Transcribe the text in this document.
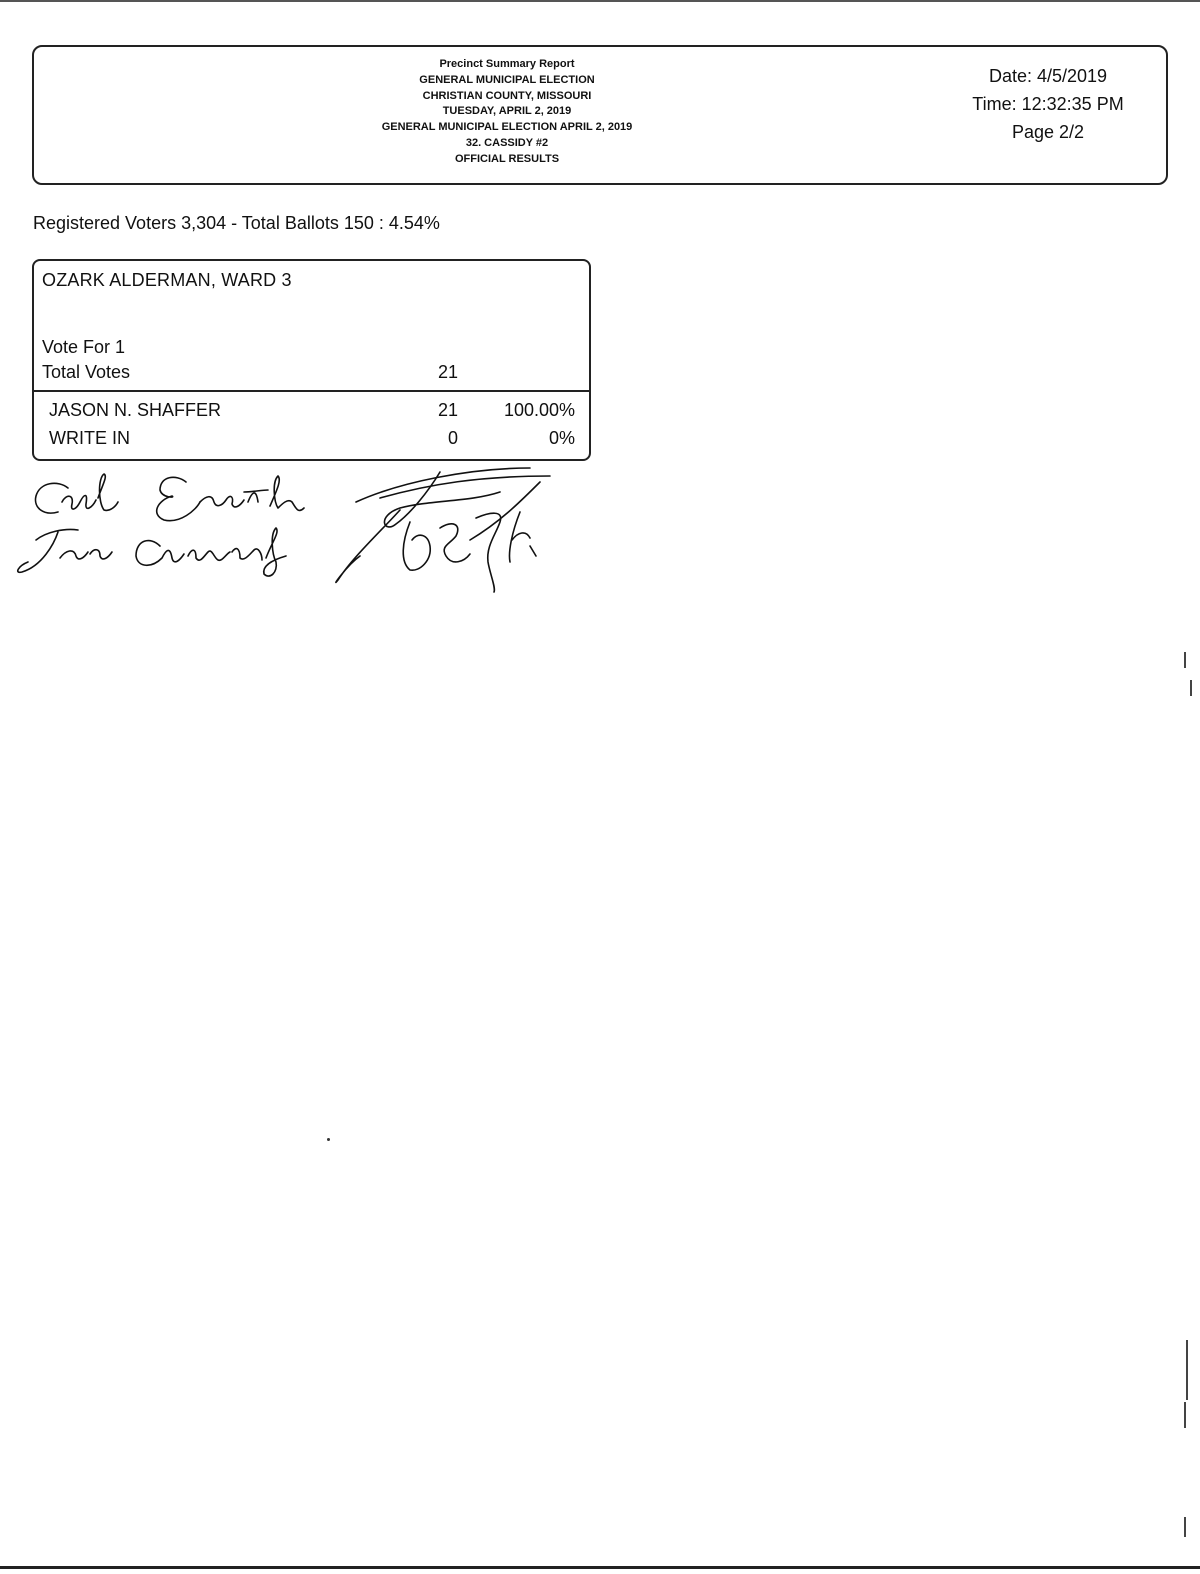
Precinct Summary Report
GENERAL MUNICIPAL ELECTION
CHRISTIAN COUNTY, MISSOURI
TUESDAY, APRIL 2, 2019
GENERAL MUNICIPAL ELECTION APRIL 2, 2019
32. CASSIDY #2
OFFICIAL RESULTS
Date: 4/5/2019
Time: 12:32:35 PM
Page 2/2
Registered Voters 3,304 - Total Ballots 150 : 4.54%
OZARK ALDERMAN, WARD 3
Vote For 1
Total Votes	21
JASON N. SHAFFER	21	100.00%
WRITE IN	0	0%
